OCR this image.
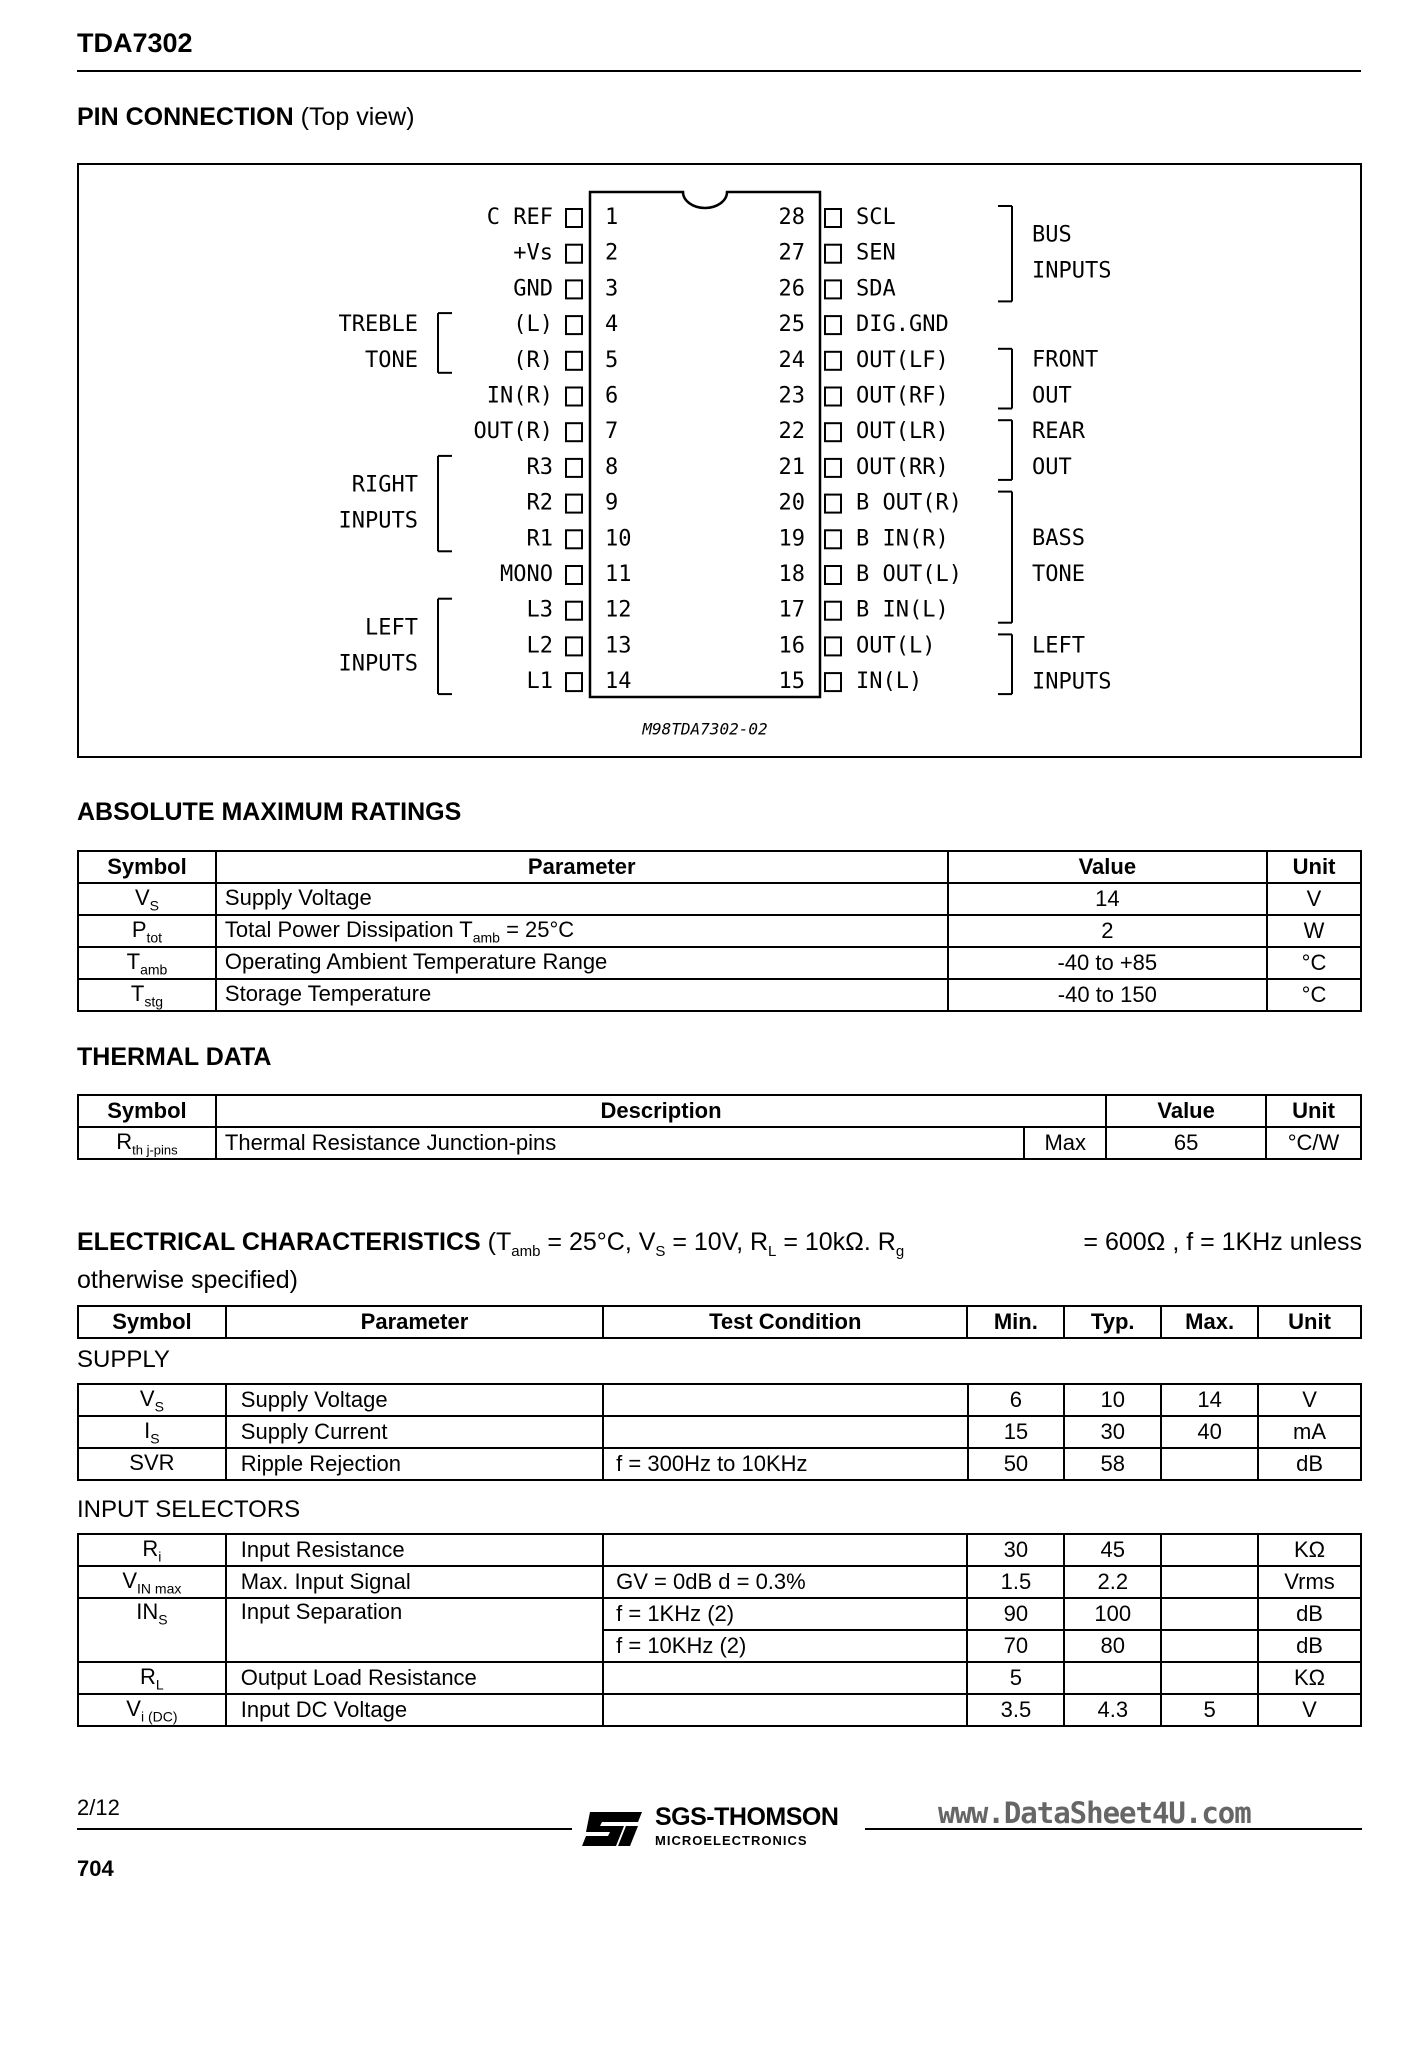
TDA7302
PIN CONNECTION (Top view)
C REF 1
+Vs 2
GND 3
(L) 4
(R) 5
IN(R) 6
OUT(R) 7
R3 8
R2 9
R1 10
MONO 11
L3 12
L2 13
L1 14
28 SCL
27 SEN
26 SDA
25 DIG.GND
24 OUT(LF)
23 OUT(RF)
22 OUT(LR)
21 OUT(RR)
20 B OUT(R)
19 B IN(R)
18 B OUT(L)
17 B IN(L)
16 OUT(L)
15 IN(L)
TREBLE
TONE
RIGHT
INPUTS
LEFT
INPUTS
BUS
INPUTS
FRONT
OUT
REAR
OUT
BASS
TONE
LEFT
INPUTS
M98TDA7302-02
ABSOLUTE MAXIMUM RATINGS
Symbol	Parameter	Value	Unit
$V_S$	Supply Voltage	14	V
$P_{tot}$	Total Power Dissipation $T_{amb} = 25^\circ C$	2	W
$T_{amb}$	Operating Ambient Temperature Range	-40 to +85	°C
$T_{stg}$	Storage Temperature	-40 to 150	°C
THERMAL DATA
Symbol	Description		Value	Unit
$R_{th j-pins}$	Thermal Resistance Junction-pins	Max	65	°C/W
ELECTRICAL CHARACTERISTICS ($T_{amb} = 25^\circ C$, $V_S = 10V$, $R_L = 10k\Omega$. $R_g$	= 600Ω , f = 1KHz unless
otherwise specified)
Symbol	Parameter	Test Condition	Min.	Typ.	Max.	Unit
SUPPLY
$V_S$	Supply Voltage		6	10	14	V
$I_S$	Supply Current		15	30	40	mA
SVR	Ripple Rejection	f = 300Hz to 10KHz	50	58		dB
INPUT SELECTORS
$R_i$	Input Resistance		30	45		KΩ
$V_{IN max}$	Max. Input Signal	GV = 0dB d = 0.3%	1.5	2.2		Vrms
$IN_S$	Input Separation	f = 1KHz (2)	90	100		dB
		f = 10KHz (2)	70	80		dB
$R_L$	Output Load Resistance		5			KΩ
$V_{i (DC)}$	Input DC Voltage		3.5	4.3	5	V
2/12	SGS-THOMSON
MICROELECTRONICS
www.DataSheet4U.com
704
